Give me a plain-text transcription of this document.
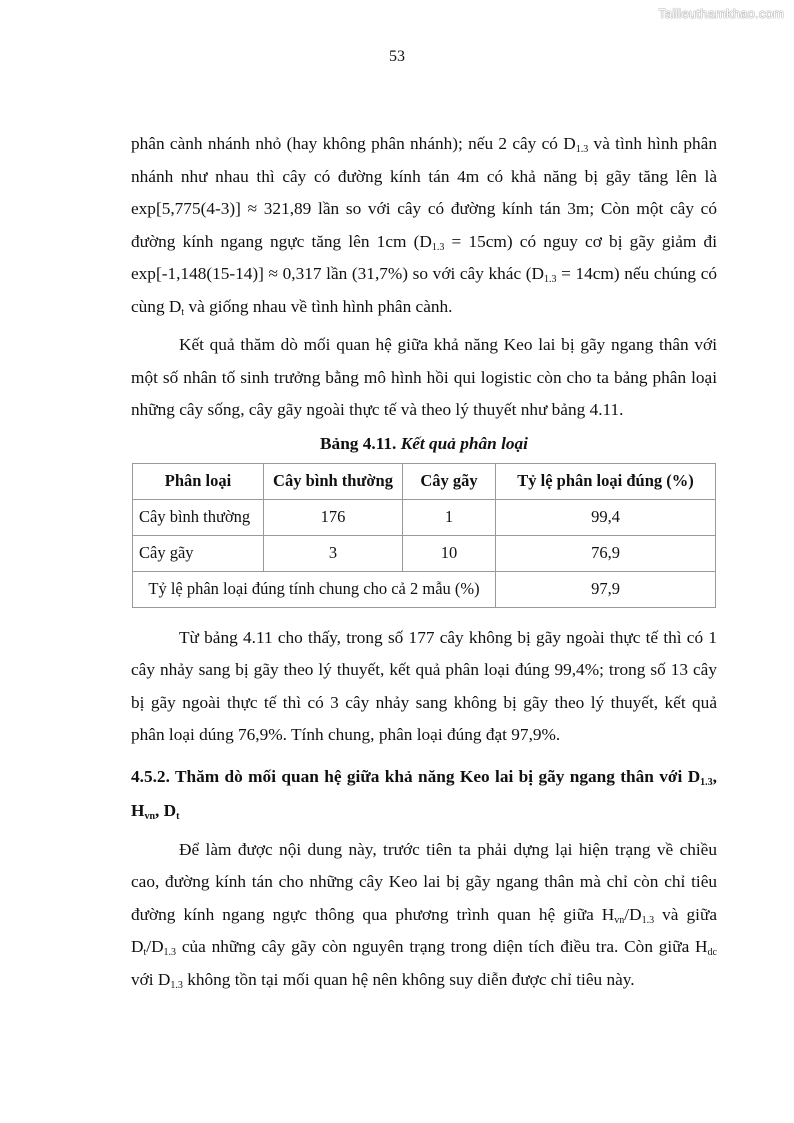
Tailieuthamkhao.com
53

phân cành nhánh nhỏ (hay không phân nhánh); nếu 2 cây có $D_{1.3}$ và tình hình phân nhánh như nhau thì cây có đường kính tán 4m có khả năng bị gãy tăng lên là exp[5,775(4-3)] ≈ 321,89 lần so với cây có đường kính tán 3m; Còn một cây có đường kính ngang ngực tăng lên 1cm $(D_{1.3} = 15cm)$ có nguy cơ bị gãy giảm đi exp[-1,148(15-14)] ≈ 0,317 lần (31,7%) so với cây khác $(D_{1.3} = 14cm)$ nếu chúng có cùng $D_t$ và giống nhau về tình hình phân cành.

Kết quả thăm dò mối quan hệ giữa khả năng Keo lai bị gãy ngang thân với một số nhân tố sinh trưởng bằng mô hình hồi qui logistic còn cho ta bảng phân loại những cây sống, cây gãy ngoài thực tế và theo lý thuyết như bảng 4.11.

Bảng 4.11. Kết quả phân loại
Phân loại	Cây bình thường	Cây gãy	Tỷ lệ phân loại đúng (%)
Cây bình thường	176	1	99,4
Cây gãy	3	10	76,9
Tỷ lệ phân loại đúng tính chung cho cả 2 mẫu (%)			97,9

Từ bảng 4.11 cho thấy, trong số 177 cây không bị gãy ngoài thực tế thì có 1 cây nhảy sang bị gãy theo lý thuyết, kết quả phân loại đúng 99,4%; trong số 13 cây bị gãy ngoài thực tế thì có 3 cây nhảy sang không bị gãy theo lý thuyết, kết quả phân loại dúng 76,9%. Tính chung, phân loại đúng đạt 97,9%.

4.5.2. Thăm dò mối quan hệ giữa khả năng Keo lai bị gãy ngang thân với $D_{1.3}$, $H_{vn}$, $D_t$

Để làm được nội dung này, trước tiên ta phải dựng lại hiện trạng về chiều cao, đường kính tán cho những cây Keo lai bị gãy ngang thân mà chỉ còn chỉ tiêu đường kính ngang ngực thông qua phương trình quan hệ giữa $H_{vn}/D_{1.3}$ và giữa $D_t/D_{1.3}$ của những cây gãy còn nguyên trạng trong diện tích điều tra. Còn giữa $H_{dc}$ với $D_{1.3}$ không tồn tại mối quan hệ nên không suy diễn được chỉ tiêu này.
